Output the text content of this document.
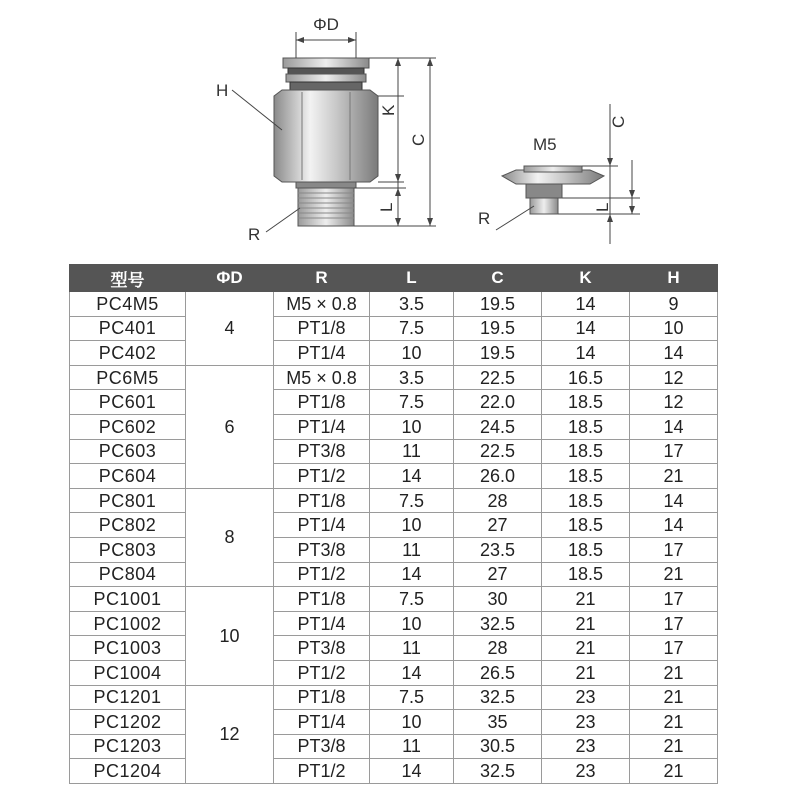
ΦD
H
R
K
C
L
M5
R
C
L
型号	ΦD	R	L	C	K	H
PC4M5	4	M5 × 0.8	3.5	19.5	14	9
PC401		PT1/8	7.5	19.5	14	10
PC402		PT1/4	10	19.5	14	14
PC6M5	6	M5 × 0.8	3.5	22.5	16.5	12
PC601		PT1/8	7.5	22.0	18.5	12
PC602		PT1/4	10	24.5	18.5	14
PC603		PT3/8	11	22.5	18.5	17
PC604		PT1/2	14	26.0	18.5	21
PC801	8	PT1/8	7.5	28	18.5	14
PC802		PT1/4	10	27	18.5	14
PC803		PT3/8	11	23.5	18.5	17
PC804		PT1/2	14	27	18.5	21
PC1001	10	PT1/8	7.5	30	21	17
PC1002		PT1/4	10	32.5	21	17
PC1003		PT3/8	11	28	21	17
PC1004		PT1/2	14	26.5	21	21
PC1201	12	PT1/8	7.5	32.5	23	21
PC1202		PT1/4	10	35	23	21
PC1203		PT3/8	11	30.5	23	21
PC1204		PT1/2	14	32.5	23	21
